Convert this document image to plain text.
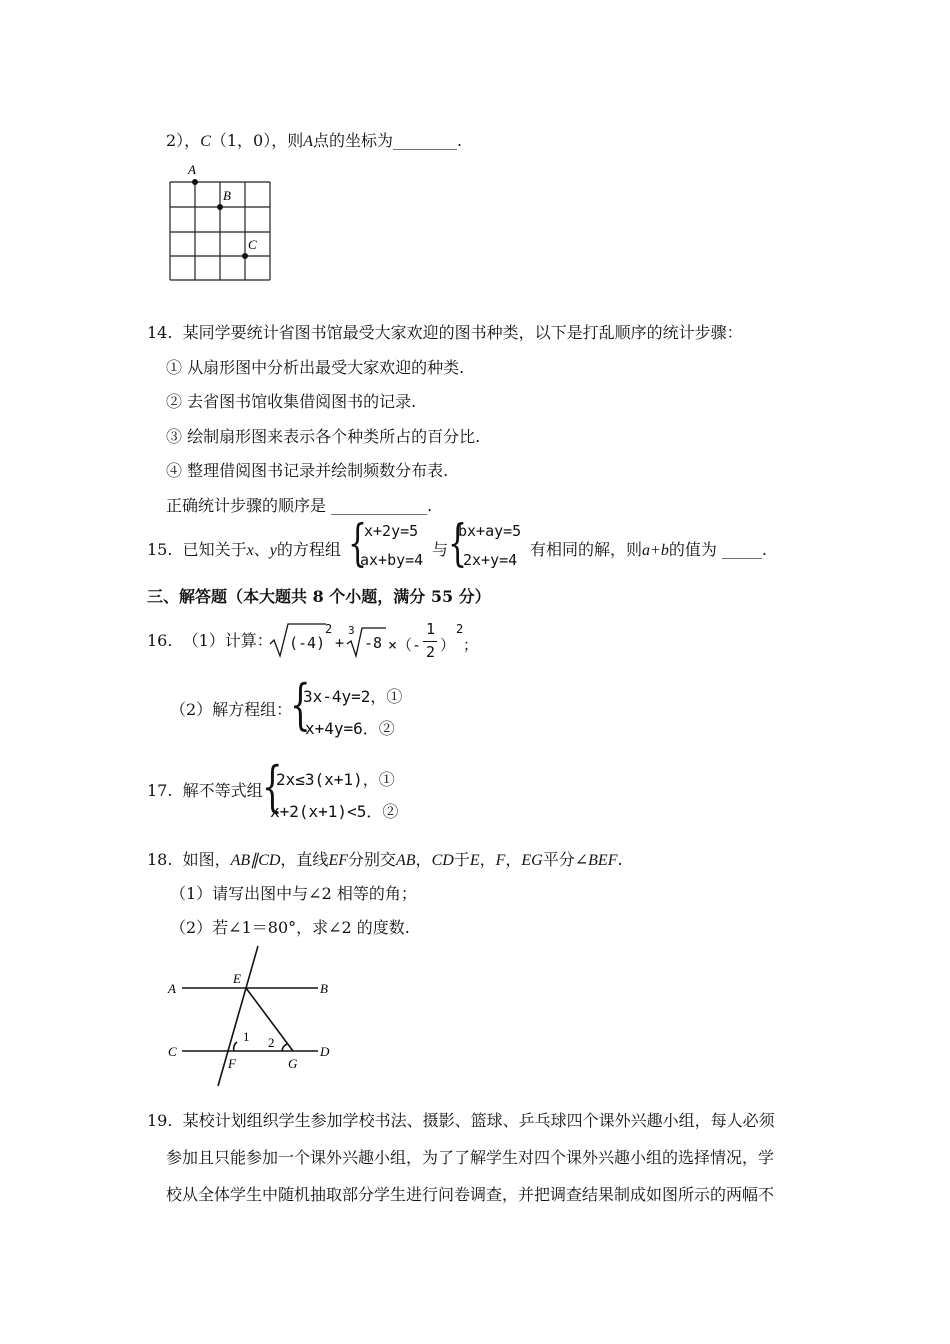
2），C（1，0），则A点的坐标为________.
A
B
C
14. 某同学要统计省图书馆最受大家欢迎的图书种类，以下是打乱顺序的统计步骤：
① 从扇形图中分析出最受大家欢迎的种类.
② 去省图书馆收集借阅图书的记录.
③ 绘制扇形图来表示各个种类所占的百分比.
④ 整理借阅图书记录并绘制频数分布表.
正确统计步骤的顺序是 ____________.
15. 已知关于x、y的方程组 {
x+2y=5
ax+by=4
与 {
bx+ay=5
2x+y=4
有相同的解，则a+b的值为 _____.
三、解答题（本大题共 8 个小题，满分 55 分）
16. （1）计算： (-4)
2
+
3
-8 ×（-
1
2 ）
2
；
（2）解方程组：
{
3x-4y=2，①
x+4y=6．②
17. 解不等式组 {
2x≤3(x+1)，①
x+2(x+1)<5．②
18. 如图，AB∥CD，直线EF分别交AB，CD于E，F，EG平分∠BEF.
（1）请写出图中与∠2 相等的角；
（2）若∠1＝80°，求∠2 的度数.
A
E
B
C
F	G
D
1 2
19. 某校计划组织学生参加学校书法、摄影、篮球、乒乓球四个课外兴趣小组，每人必须
参加且只能参加一个课外兴趣小组，为了了解学生对四个课外兴趣小组的选择情况，学
校从全体学生中随机抽取部分学生进行问卷调查，并把调查结果制成如图所示的两幅不
